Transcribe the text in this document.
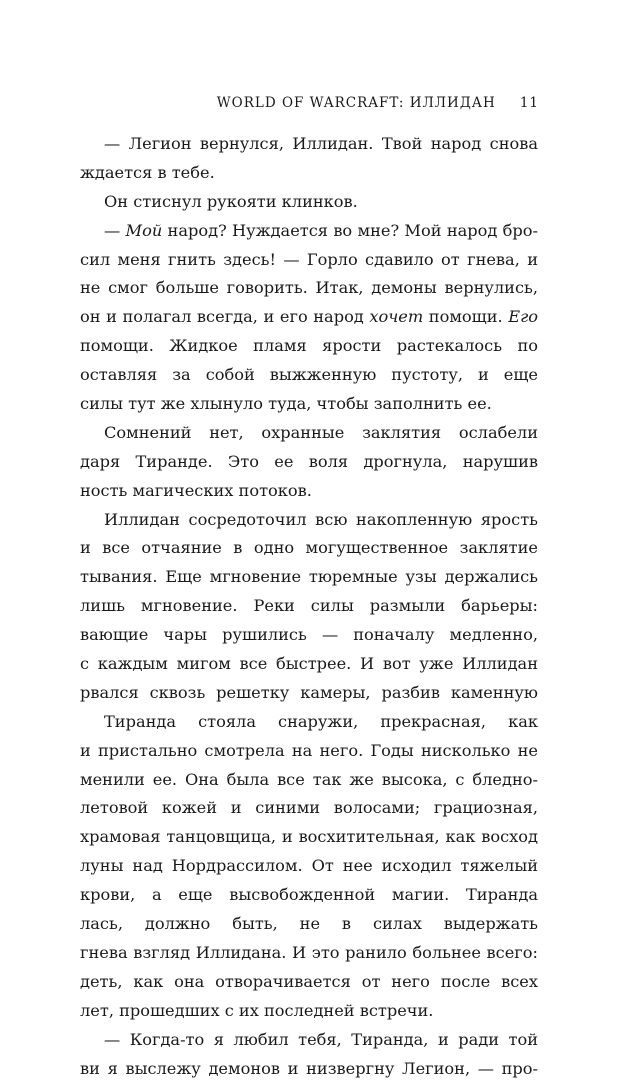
WORLD OF WARCRAFT: ИЛЛИДАН 11
— Легион вернулся, Иллидан. Твой народ снова
ждается в тебе.
Он стиснул рукояти клинков.
— Мой народ? Нуждается во мне? Мой народ бро-
сил меня гнить здесь! — Горло сдавило от гнева, и
не смог больше говорить. Итак, демоны вернулись,
он и полагал всегда, и его народ хочет помощи. Его
помощи. Жидкое пламя ярости растекалось по
оставляя за собой выжженную пустоту, и еще
силы тут же хлынуло туда, чтобы заполнить ее.
Сомнений нет, охранные заклятия ослабели
даря Тиранде. Это ее воля дрогнула, нарушив
ность магических потоков.
Иллидан сосредоточил всю накопленную ярость
и все отчаяние в одно могущественное заклятие
тывания. Еще мгновение тюремные узы держались
лишь мгновение. Реки силы размыли барьеры:
вающие чары рушились — поначалу медленно,
с каждым мигом все быстрее. И вот уже Иллидан
рвался сквозь решетку камеры, разбив каменную
Тиранда стояла снаружи, прекрасная, как
и пристально смотрела на него. Годы нисколько не
менили ее. Она была все так же высока, с бледно-
летовой кожей и синими волосами; грациозная,
храмовая танцовщица, и восхитительная, как восход
луны над Нордрассилом. От нее исходил тяжелый
крови, а еще высвобожденной магии. Тиранда
лась, должно быть, не в силах выдержать
гнева взгляд Иллидана. И это ранило больнее всего:
деть, как она отворачивается от него после всех
лет, прошедших с их последней встречи.
— Когда-то я любил тебя, Тиранда, и ради той
ви я выслежу демонов и низвергну Легион, — про-
